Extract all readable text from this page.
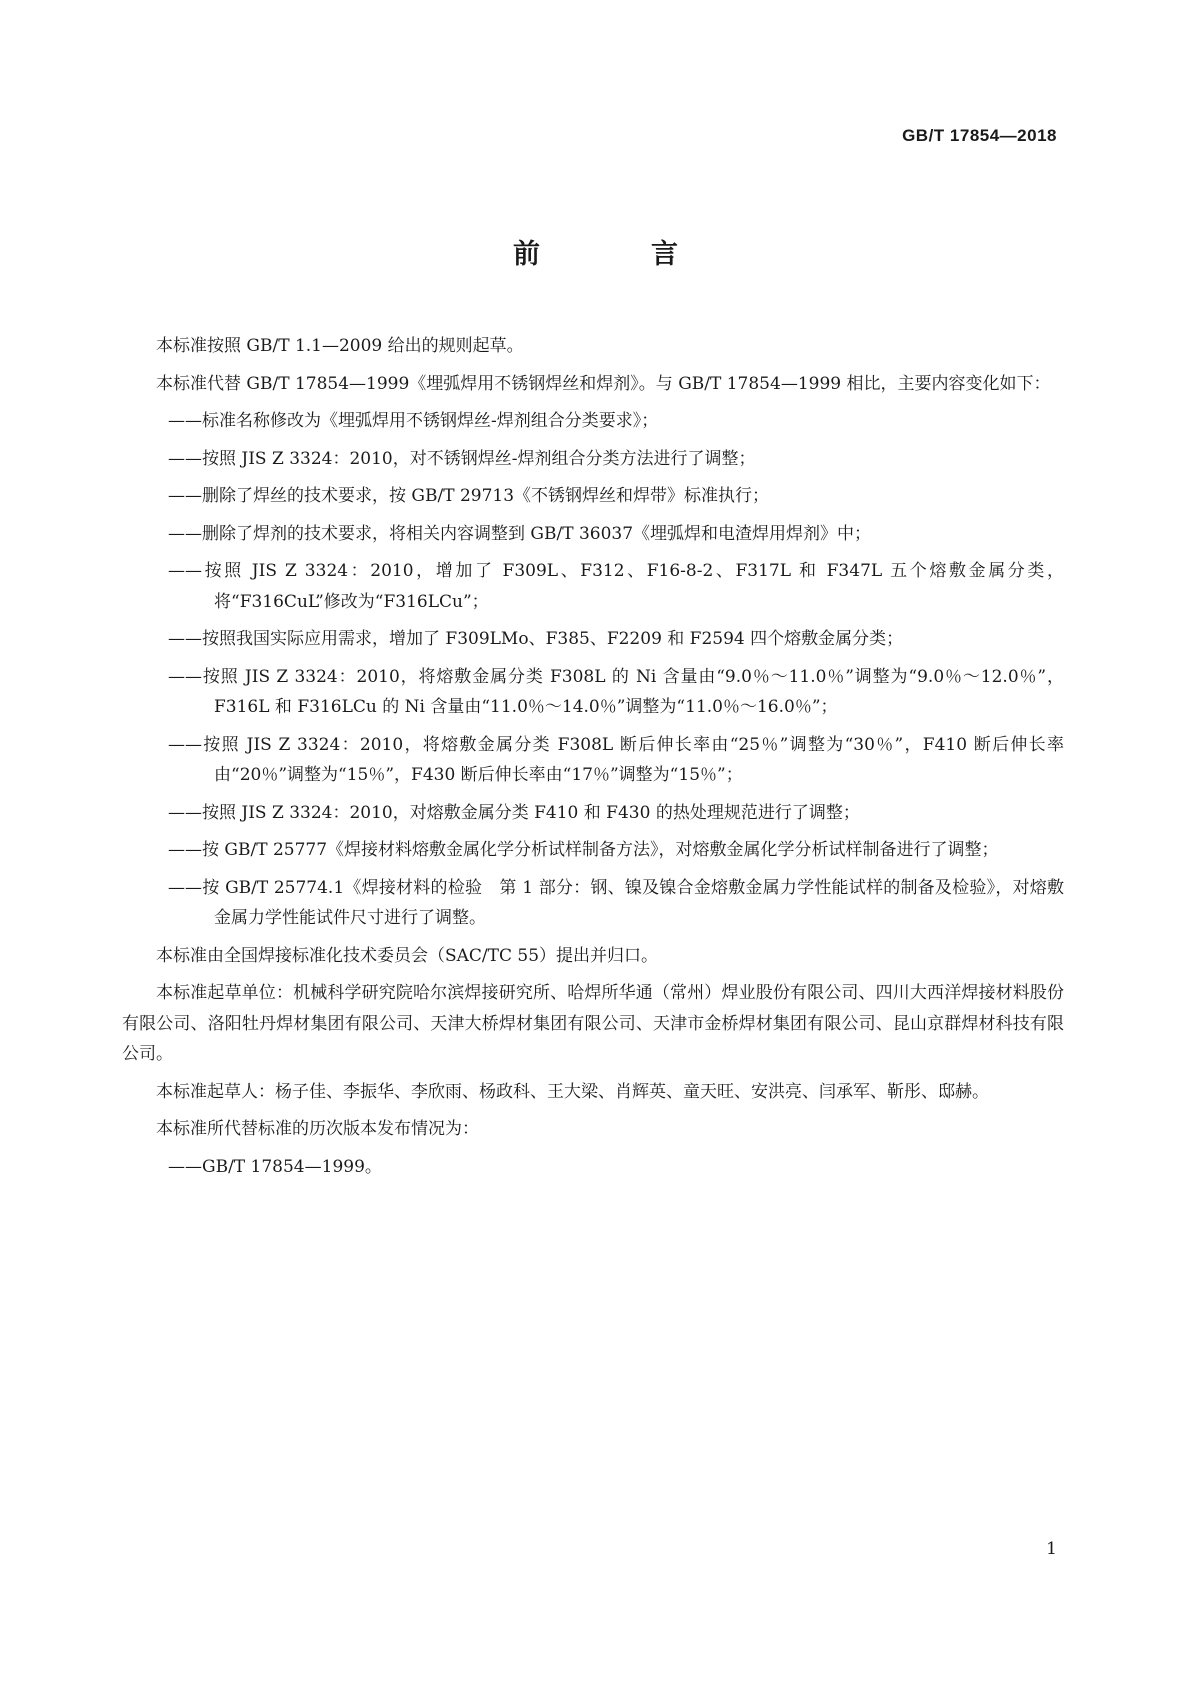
GB/T 17854—2018
前　言

本标准按照 GB/T 1.1—2009 给出的规则起草。

本标准代替 GB/T 17854—1999《埋弧焊用不锈钢焊丝和焊剂》。与 GB/T 17854—1999 相比，主要内容变化如下：

——标准名称修改为《埋弧焊用不锈钢焊丝-焊剂组合分类要求》；

——按照 JIS Z 3324：2010，对不锈钢焊丝-焊剂组合分类方法进行了调整；

——删除了焊丝的技术要求，按 GB/T 29713《不锈钢焊丝和焊带》标准执行；

——删除了焊剂的技术要求，将相关内容调整到 GB/T 36037《埋弧焊和电渣焊用焊剂》中；

——按照 JIS Z 3324：2010，增加了 F309L、F312、F16-8-2、F317L 和 F347L 五个熔敷金属分类，将“F316CuL”修改为“F316LCu”；

——按照我国实际应用需求，增加了 F309LMo、F385、F2209 和 F2594 四个熔敷金属分类；

——按照 JIS Z 3324：2010，将熔敷金属分类 F308L 的 Ni 含量由“9.0％～11.0％”调整为“9.0％～12.0％”，F316L 和 F316LCu 的 Ni 含量由“11.0％～14.0％”调整为“11.0％～16.0％”；

——按照 JIS Z 3324：2010，将熔敷金属分类 F308L 断后伸长率由“25％”调整为“30％”，F410 断后伸长率由“20％”调整为“15％”，F430 断后伸长率由“17％”调整为“15％”；

——按照 JIS Z 3324：2010，对熔敷金属分类 F410 和 F430 的热处理规范进行了调整；

——按 GB/T 25777《焊接材料熔敷金属化学分析试样制备方法》，对熔敷金属化学分析试样制备进行了调整；

——按 GB/T 25774.1《焊接材料的检验　第 1 部分：钢、镍及镍合金熔敷金属力学性能试样的制备及检验》，对熔敷金属力学性能试件尺寸进行了调整。

本标准由全国焊接标准化技术委员会（SAC/TC 55）提出并归口。

本标准起草单位：机械科学研究院哈尔滨焊接研究所、哈焊所华通（常州）焊业股份有限公司、四川大西洋焊接材料股份有限公司、洛阳牡丹焊材集团有限公司、天津大桥焊材集团有限公司、天津市金桥焊材集团有限公司、昆山京群焊材科技有限公司。

本标准起草人：杨子佳、李振华、李欣雨、杨政科、王大梁、肖辉英、童天旺、安洪亮、闫承军、靳彤、邸赫。

本标准所代替标准的历次版本发布情况为：

——GB/T 17854—1999。

1
